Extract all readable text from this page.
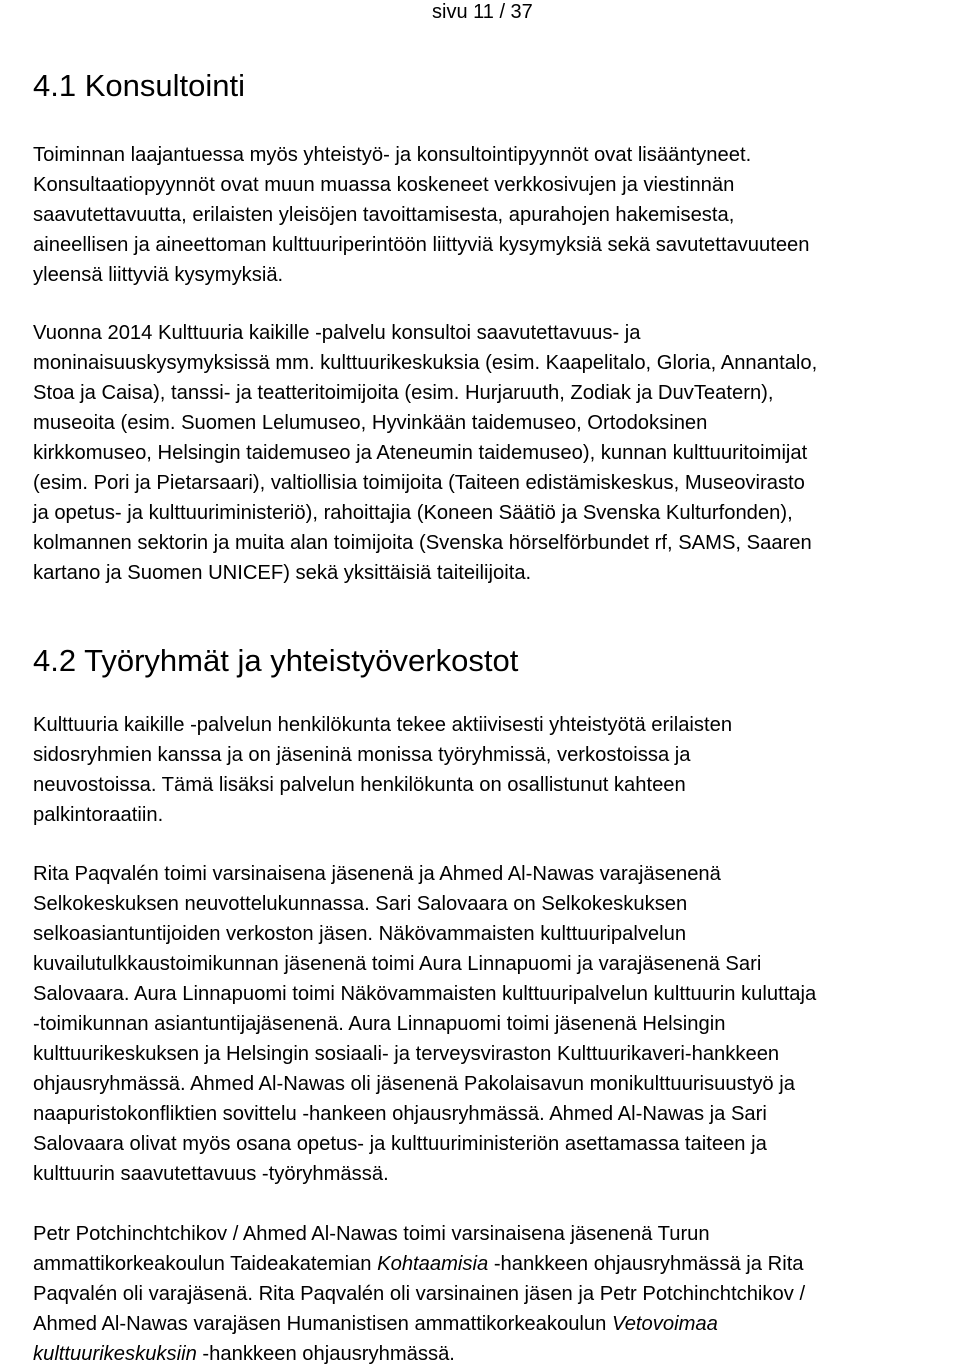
sivu 11 / 37
4.1 Konsultointi

Toiminnan laajantuessa myös yhteistyö- ja konsultointipyynnöt ovat lisääntyneet.
Konsultaatiopyynnöt ovat muun muassa koskeneet verkkosivujen ja viestinnän
saavutettavuutta, erilaisten yleisöjen tavoittamisesta, apurahojen hakemisesta,
aineellisen ja aineettoman kulttuuriperintöön liittyviä kysymyksiä sekä savutettavuuteen
yleensä liittyviä kysymyksiä.

Vuonna 2014 Kulttuuria kaikille -palvelu konsultoi saavutettavuus- ja
moninaisuuskysymyksissä mm. kulttuurikeskuksia (esim. Kaapelitalo, Gloria, Annantalo,
Stoa ja Caisa), tanssi- ja teatteritoimijoita (esim. Hurjaruuth, Zodiak ja DuvTeatern),
museoita (esim. Suomen Lelumuseo, Hyvinkään taidemuseo, Ortodoksinen
kirkkomuseo, Helsingin taidemuseo ja Ateneumin taidemuseo), kunnan kulttuuritoimijat
(esim. Pori ja Pietarsaari), valtiollisia toimijoita (Taiteen edistämiskeskus, Museovirasto
ja opetus- ja kulttuuriministeriö), rahoittajia (Koneen Säätiö ja Svenska Kulturfonden),
kolmannen sektorin ja muita alan toimijoita (Svenska hörselförbundet rf, SAMS, Saaren
kartano ja Suomen UNICEF) sekä yksittäisiä taiteilijoita.

4.2 Työryhmät ja yhteistyöverkostot

Kulttuuria kaikille -palvelun henkilökunta tekee aktiivisesti yhteistyötä erilaisten
sidosryhmien kanssa ja on jäseninä monissa työryhmissä, verkostoissa ja
neuvostoissa. Tämä lisäksi palvelun henkilökunta on osallistunut kahteen
palkintoraatiin.

Rita Paqvalén toimi varsinaisena jäsenenä ja Ahmed Al-Nawas varajäsenenä
Selkokeskuksen neuvottelukunnassa. Sari Salovaara on Selkokeskuksen
selkoasiantuntijoiden verkoston jäsen. Näkövammaisten kulttuuripalvelun
kuvailutulkkaustoimikunnan jäsenenä toimi Aura Linnapuomi ja varajäsenenä Sari
Salovaara. Aura Linnapuomi toimi Näkövammaisten kulttuuripalvelun kulttuurin kuluttaja
-toimikunnan asiantuntijajäsenenä. Aura Linnapuomi toimi jäsenenä Helsingin
kulttuurikeskuksen ja Helsingin sosiaali- ja terveysviraston Kulttuurikaveri-hankkeen
ohjausryhmässä. Ahmed Al-Nawas oli jäsenenä Pakolaisavun monikulttuurisuustyö ja
naapuristokonfliktien sovittelu -hankeen ohjausryhmässä. Ahmed Al-Nawas ja Sari
Salovaara olivat myös osana opetus- ja kulttuuriministeriön asettamassa taiteen ja
kulttuurin saavutettavuus -työryhmässä.

Petr Potchinchtchikov / Ahmed Al-Nawas toimi varsinaisena jäsenenä Turun
ammattikorkeakoulun Taideakatemian Kohtaamisia -hankkeen ohjausryhmässä ja Rita
Paqvalén oli varajäsenä. Rita Paqvalén oli varsinainen jäsen ja Petr Potchinchtchikov /
Ahmed Al-Nawas varajäsen Humanistisen ammattikorkeakoulun Vetovoimaa
kulttuurikeskuksiin -hankkeen ohjausryhmässä.
